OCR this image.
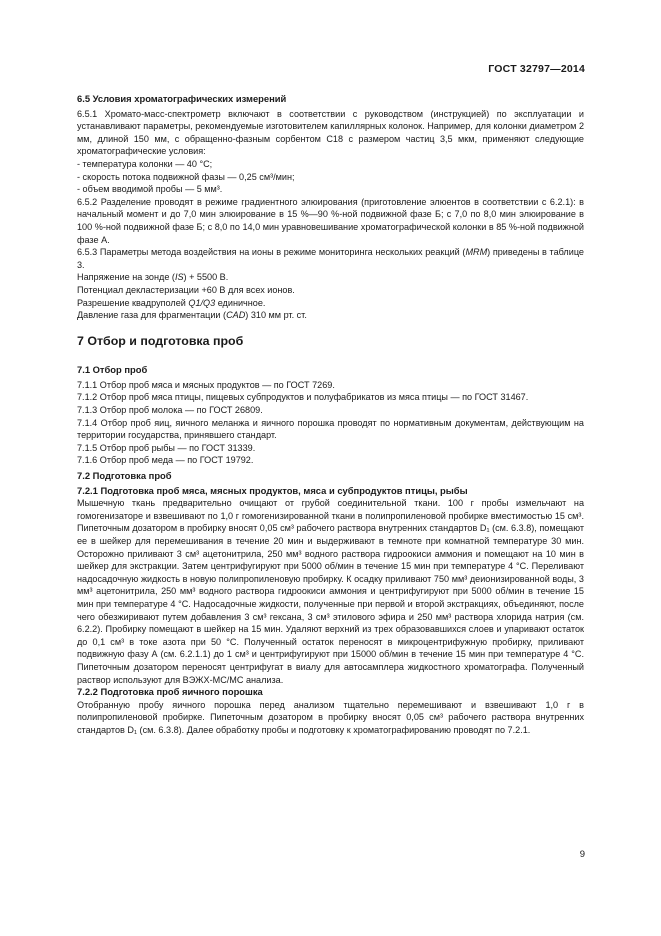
ГОСТ 32797—2014

6.5 Условия хроматографических измерений

6.5.1 Хромато-масс-спектрометр включают в соответствии с руководством (инструкцией) по эксплуатации и устанавливают параметры, рекомендуемые изготовителем капиллярных колонок. Например, для колонки диаметром 2 мм, длиной 150 мм, с обращенно-фазным сорбентом С18 с размером частиц 3,5 мкм, применяют следующие хроматографические условия:

- температура колонки — 40 °С;

- скорость потока подвижной фазы — 0,25 см³/мин;

- объем вводимой пробы — 5 мм³.

6.5.2 Разделение проводят в режиме градиентного элюирования (приготовление элюентов в соответствии с 6.2.1): в начальный момент и до 7,0 мин элюирование в 15 %—90 %-ной подвижной фазе Б; с 7,0 по 8,0 мин элюирование в 100 %-ной подвижной фазе Б; с 8,0 по 14,0 мин уравновешивание хроматографической колонки в 85 %-ной подвижной фазе А.

6.5.3 Параметры метода воздействия на ионы в режиме мониторинга нескольких реакций (MRM) приведены в таблице 3.

Напряжение на зонде (IS) + 5500 В.

Потенциал декластеризации +60 В для всех ионов.

Разрешение квадруполей Q1/Q3 единичное.

Давление газа для фрагментации (CAD) 310 мм рт. ст.

7 Отбор и подготовка проб

7.1 Отбор проб

7.1.1 Отбор проб мяса и мясных продуктов — по ГОСТ 7269.

7.1.2 Отбор проб мяса птицы, пищевых субпродуктов и полуфабрикатов из мяса птицы — по ГОСТ 31467.

7.1.3 Отбор проб молока — по ГОСТ 26809.

7.1.4 Отбор проб яиц, яичного меланжа и яичного порошка проводят по нормативным документам, действующим на территории государства, принявшего стандарт.

7.1.5 Отбор проб рыбы — по ГОСТ 31339.

7.1.6 Отбор проб меда — по ГОСТ 19792.

7.2 Подготовка проб

7.2.1 Подготовка проб мяса, мясных продуктов, мяса и субпродуктов птицы, рыбы

Мышечную ткань предварительно очищают от грубой соединительной ткани. 100 г пробы измельчают на гомогенизаторе и взвешивают по 1,0 г гомогенизированной ткани в полипропиленовой пробирке вместимостью 15 см³. Пипеточным дозатором в пробирку вносят 0,05 см³ рабочего раствора внутренних стандартов D₁ (см. 6.3.8), помещают ее в шейкер для перемешивания в течение 20 мин и выдерживают в темноте при комнатной температуре 30 мин. Осторожно приливают 3 см³ ацетонитрила, 250 мм³ водного раствора гидроокиси аммония и помещают на 10 мин в шейкер для экстракции. Затем центрифугируют при 5000 об/мин в течение 15 мин при температуре 4 °С. Переливают надосадочную жидкость в новую полипропиленовую пробирку. К осадку приливают 750 мм³ деионизированной воды, 3 мм³ ацетонитрила, 250 мм³ водного раствора гидроокиси аммония и центрифугируют при 5000 об/мин в течение 15 мин при температуре 4 °С. Надосадочные жидкости, полученные при первой и второй экстракциях, объединяют, после чего обезжиривают путем добавления 3 см³ гексана, 3 см³ этилового эфира и 250 мм³ раствора хлорида натрия (см. 6.2.2). Пробирку помещают в шейкер на 15 мин. Удаляют верхний из трех образовавшихся слоев и упаривают остаток до 0,1 см³ в токе азота при 50 °С. Полученный остаток переносят в микроцентрифужную пробирку, приливают подвижную фазу А (см. 6.2.1.1) до 1 см³ и центрифугируют при 15000 об/мин в течение 15 мин при температуре 4 °С. Пипеточным дозатором переносят центрифугат в виалу для автосамплера жидкостного хроматографа. Полученный раствор используют для ВЭЖХ-МС/МС анализа.

7.2.2 Подготовка проб яичного порошка

Отобранную пробу яичного порошка перед анализом тщательно перемешивают и взвешивают 1,0 г в полипропиленовой пробирке. Пипеточным дозатором в пробирку вносят 0,05 см³ рабочего раствора внутренних стандартов D₁ (см. 6.3.8). Далее обработку пробы и подготовку к хроматографированию проводят по 7.2.1.

9
